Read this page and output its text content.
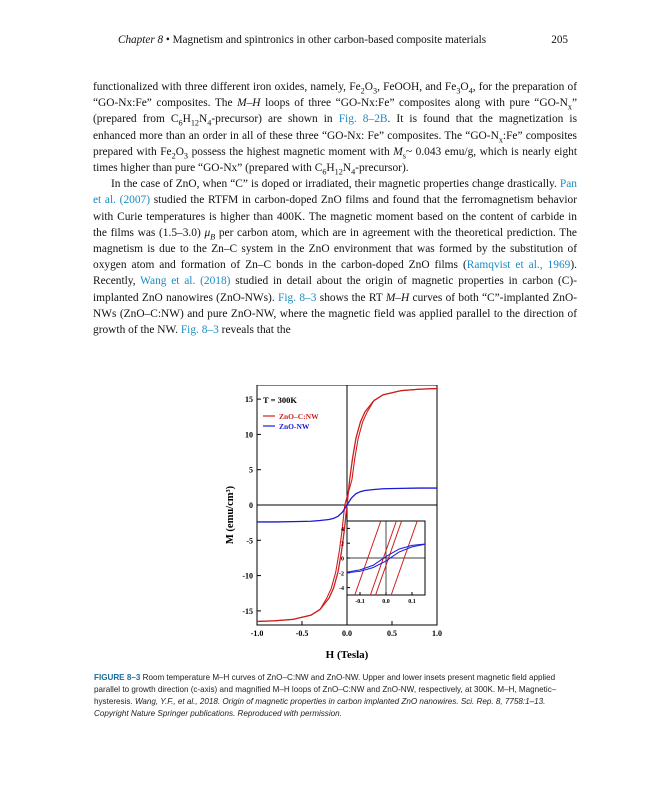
Chapter 8 • Magnetism and spintronics in other carbon-based composite materials	205

functionalized with three different iron oxides, namely, $Fe_2O_3$, FeOOH, and $Fe_3O_4$, for the preparation of “GO-Nx:Fe” composites. The M–H loops of three “GO-Nx:Fe” composites along with pure “$GO-N_x$” (prepared from $C_6H_{12}N_4-precursor$) are shown in Fig. 8–2B. It is found that the magnetization is enhanced more than an order in all of these three “GO-Nx: Fe” composites. The “$GO-N_x:Fe$” composites prepared with $Fe_2O_3$ possess the highest magnetic moment with $M_s\sim$ 0.043 emu/g, which is nearly eight times higher than pure “GO-Nx” (prepared with $C_6H_{12}N_4-precursor$).

In the case of ZnO, when “C” is doped or irradiated, their magnetic properties change drastically. Pan et al. (2007) studied the RTFM in carbon-doped ZnO films and found that the ferromagnetism behavior with Curie temperatures is higher than 400K. The magnetic moment based on the content of carbide in the films was (1.5–3.0) $\mu_B$ per carbon atom, which are in agreement with the theoretical prediction. The magnetism is due to the Zn–C system in the ZnO environment that was formed by the substitution of oxygen atom and formation of Zn–C bonds in the carbon-doped ZnO films (Ramqvist et al., 1969). Recently, Wang et al. (2018) studied in detail about the origin of magnetic properties in carbon (C)-implanted ZnO nanowires (ZnO-NWs). Fig. 8–3 shows the RT M–H curves of both “C”-implanted ZnO-NWs (ZnO–C:NW) and pure ZnO-NW, where the magnetic field was applied parallel to the direction of growth of the NW. Fig. 8–3 reveals that the

-15
-10
-5
0
5
10
15
-1.0	-0.5	0.0	0.5	1.0
T = 300K
ZnO–C:NW
ZnO-NW
4
2
0
-2
-4
-0.1	0.0	0.1
H (Tesla)
M (emu/cm³)
FIGURE 8–3 Room temperature M–H curves of ZnO–C:NW and ZnO-NW. Upper and lower insets present magnetic field applied parallel to growth direction (c-axis) and magnified M–H loops of ZnO–C:NW and ZnO-NW, respectively, at 300K. M–H, Magnetic–hysteresis. Wang, Y.F., et al., 2018. Origin of magnetic properties in carbon implanted ZnO nanowires. Sci. Rep. 8, 7758:1–13. Copyright Nature Springer publications. Reproduced with permission.
